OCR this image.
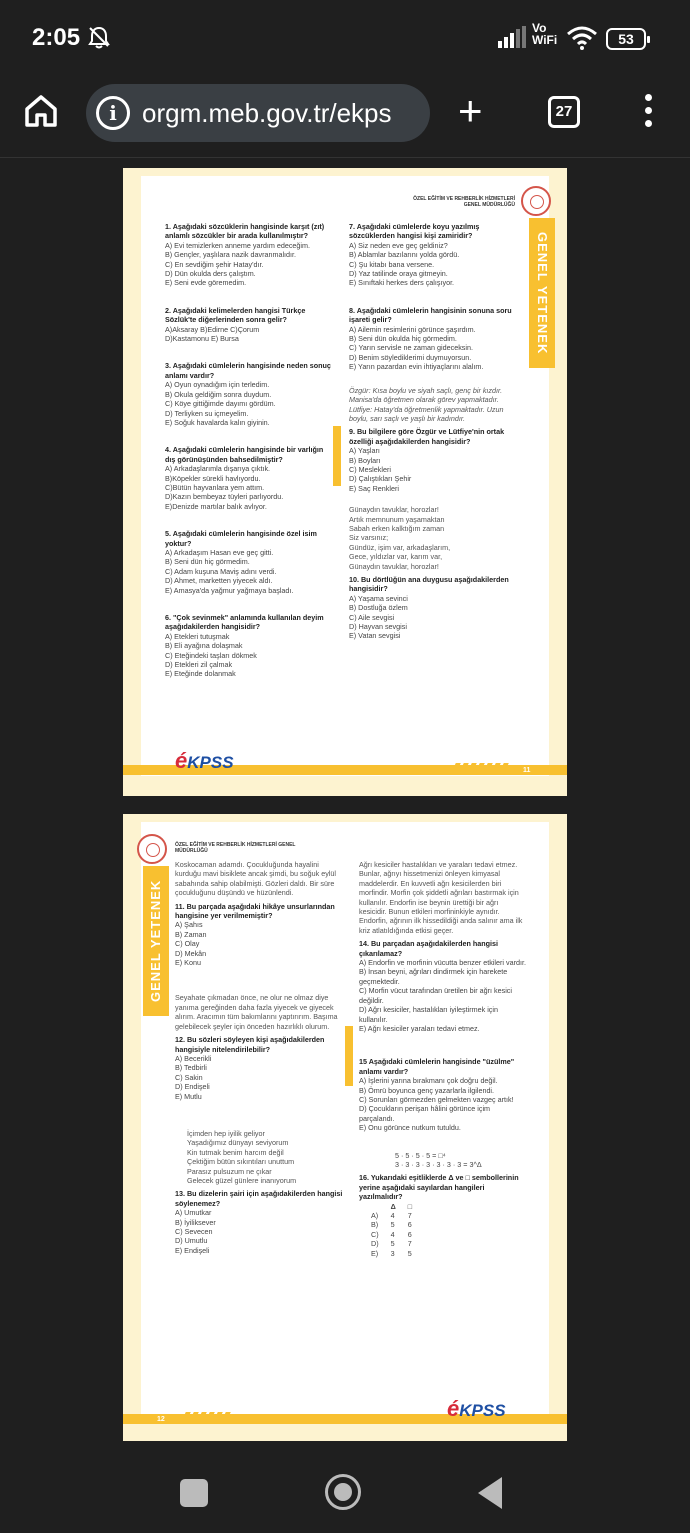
2:05	Vo
WiFi	53
i orgm.meb.gov.tr/ekps +	27
ÖZEL EĞİTİM VE REHBERLİK HİZMETLERİ GENEL MÜDÜRLÜĞÜ
GENEL YETENEK
1. Aşağıdaki sözcüklerin hangisinde karşıt (zıt) anlamlı sözcükler bir arada kullanılmıştır?
A) Evi temizlerken anneme yardım edeceğim.
B) Gençler, yaşlılara nazik davranmalıdır.
C) En sevdiğim şehir Hatay'dır.
D) Dün okulda ders çalıştım.
E) Seni evde göremedim.
2. Aşağıdaki kelimelerden hangisi Türkçe Sözlük'te diğerlerinden sonra gelir?
A)Aksaray B)Edirne C)Çorum
D)Kastamonu E) Bursa
3. Aşağıdaki cümlelerin hangisinde neden sonuç anlamı vardır?
A) Oyun oynadığım için terledim.
B) Okula geldiğim sonra duydum.
C) Köye gittiğimde dayımı gördüm.
D) Terliyken su içmeyelim.
E) Soğuk havalarda kalın giyinin.
4. Aşağıdaki cümlelerin hangisinde bir varlığın dış görünüşünden bahsedilmiştir?
A) Arkadaşlarımla dışarıya çıktık.
B)Köpekler sürekli havlıyordu.
C)Bütün hayvanlara yem attım.
D)Kazın bembeyaz tüyleri parlıyordu.
E)Denizde martılar balık avlıyor.
5. Aşağıdaki cümlelerin hangisinde özel isim yoktur?
A) Arkadaşım Hasan eve geç gitti.
B) Seni dün hiç görmedim.
C) Adam kuşuna Maviş adını verdi.
D) Ahmet, marketten yiyecek aldı.
E) Amasya'da yağmur yağmaya başladı.
6. "Çok sevinmek" anlamında kullanılan deyim aşağıdakilerden hangisidir?
A) Etekleri tutuşmak
B) Eli ayağına dolaşmak
C) Eteğindeki taşları dökmek
D) Etekleri zil çalmak
E) Eteğinde dolanmak
7. Aşağıdaki cümlelerde koyu yazılmış sözcüklerden hangisi kişi zamiridir?
A) Siz neden eve geç geldiniz?
B) Ablamlar bazılarını yolda gördü.
C) Şu kitabı bana versene.
D) Yaz tatilinde oraya gitmeyin.
E) Sınıftaki herkes ders çalışıyor.
8. Aşağıdaki cümlelerin hangisinin sonuna soru işareti gelir?
A) Ailemin resimlerini görünce şaşırdım.
B) Seni dün okulda hiç görmedim.
C) Yarın servisle ne zaman gideceksin.
D) Benim söylediklerimi duymuyorsun.
E) Yarın pazardan evin ihtiyaçlarını alalım.
Özgür: Kısa boylu ve siyah saçlı, genç bir kızdır. Manisa'da öğretmen olarak görev yapmaktadır.
Lütfiye: Hatay'da öğretmenlik yapmaktadır. Uzun boylu, sarı saçlı ve yaşlı bir kadındır.
9. Bu bilgilere göre Özgür ve Lütfiye'nin ortak özelliği aşağıdakilerden hangisidir?
A) Yaşları
B) Boyları
C) Meslekleri
D) Çalıştıkları Şehir
E) Saç Renkleri
Günaydın tavuklar, horozlar!
Artık memnunum yaşamaktan
Sabah erken kalktığım zaman
Siz varsınız;
Gündüz, işim var, arkadaşlarım,
Gece, yıldızlar var, karım var,
Günaydın tavuklar, horozlar!
10. Bu dörtlüğün ana duygusu aşağıdakilerden hangisidir?
A) Yaşama sevinci
B) Dostluğa özlem
C) Aile sevgisi
D) Hayvan sevgisi
E) Vatan sevgisi
11
éKPSS
ÖZEL EĞİTİM VE REHBERLİK HİZMETLERİ GENEL MÜDÜRLÜĞÜ
GENEL YETENEK
Koskocaman adamdı. Çocukluğunda hayalini kurduğu mavi bisiklete ancak şimdi, bu soğuk eylül sabahında sahip olabilmişti. Gözleri daldı. Bir süre çocukluğunu düşündü ve hüzünlendi.
11. Bu parçada aşağıdaki hikâye unsurlarından hangisine yer verilmemiştir?
A) Şahıs
B) Zaman
C) Olay
D) Mekân
E) Konu
Seyahate çıkmadan önce, ne olur ne olmaz diye yanıma gereğinden daha fazla yiyecek ve giyecek alırım. Aracımın tüm bakımlarını yaptırırım. Başıma gelebilecek şeyler için önceden hazırlıklı olurum.
12. Bu sözleri söyleyen kişi aşağıdakilerden hangisiyle nitelendirilebilir?
A) Becerikli
B) Tedbirli
C) Sakin
D) Endişeli
E) Mutlu
İçimden hep iyilik geliyor
Yaşadığımız dünyayı seviyorum
Kin tutmak benim harcım değil
Çektiğim bütün sıkıntıları unuttum
Parasız pulsuzum ne çıkar
Gelecek güzel günlere inanıyorum
13. Bu dizelerin şairi için aşağıdakilerden hangisi söylenemez?
A) Umutkar
B) İyiliksever
C) Sevecen
D) Umutlu
E) Endişeli
Ağrı kesiciler hastalıkları ve yaraları tedavi etmez. Bunlar, ağrıyı hissetmenizi önleyen kimyasal maddelerdir. En kuvvetli ağrı kesicilerden biri morfindir. Morfin çok şiddetli ağrıları bastırmak için kullanılır. Endorfin ise beynin ürettiği bir ağrı kesicidir. Bunun etkileri morfininkiyle aynıdır. Endorfin, ağrının ilk hissedildiği anda salınır ama ilk kriz atlatıldığında etkisi geçer.
14. Bu parçadan aşağıdakilerden hangisi çıkarılamaz?
A) Endorfin ve morfinin vücutta benzer etkileri vardır.
B) İnsan beyni, ağrıları dindirmek için harekete geçmektedir.
C) Morfin vücut tarafından üretilen bir ağrı kesici değildir.
D) Ağrı kesiciler, hastalıkları iyileştirmek için kullanılır.
E) Ağrı kesiciler yaraları tedavi etmez.
15 Aşağıdaki cümlelerin hangisinde "üzülme" anlamı vardır?
A) İşlerini yarına bırakmanı çok doğru değil.
B) Ömrü boyunca genç yazarlarla ilgilendi.
C) Sorunları görmezden gelmekten vazgeç artık!
D) Çocukların perişan hâlini görünce içim parçalandı.
E) Onu görünce nutkum tutuldu.
5 · 5 · 5 · 5 = □⁴
3 · 3 · 3 · 3 · 3 · 3 · 3 = 3^Δ
16. Yukarıdaki eşitliklerde Δ ve □ sembollerinin yerine aşağıdaki sayılardan hangileri yazılmalıdır?
	Δ	□
A)	4	7
B)	5	6
C)	4	6
D)	5	7
E)	3	5
12	éKPSS
